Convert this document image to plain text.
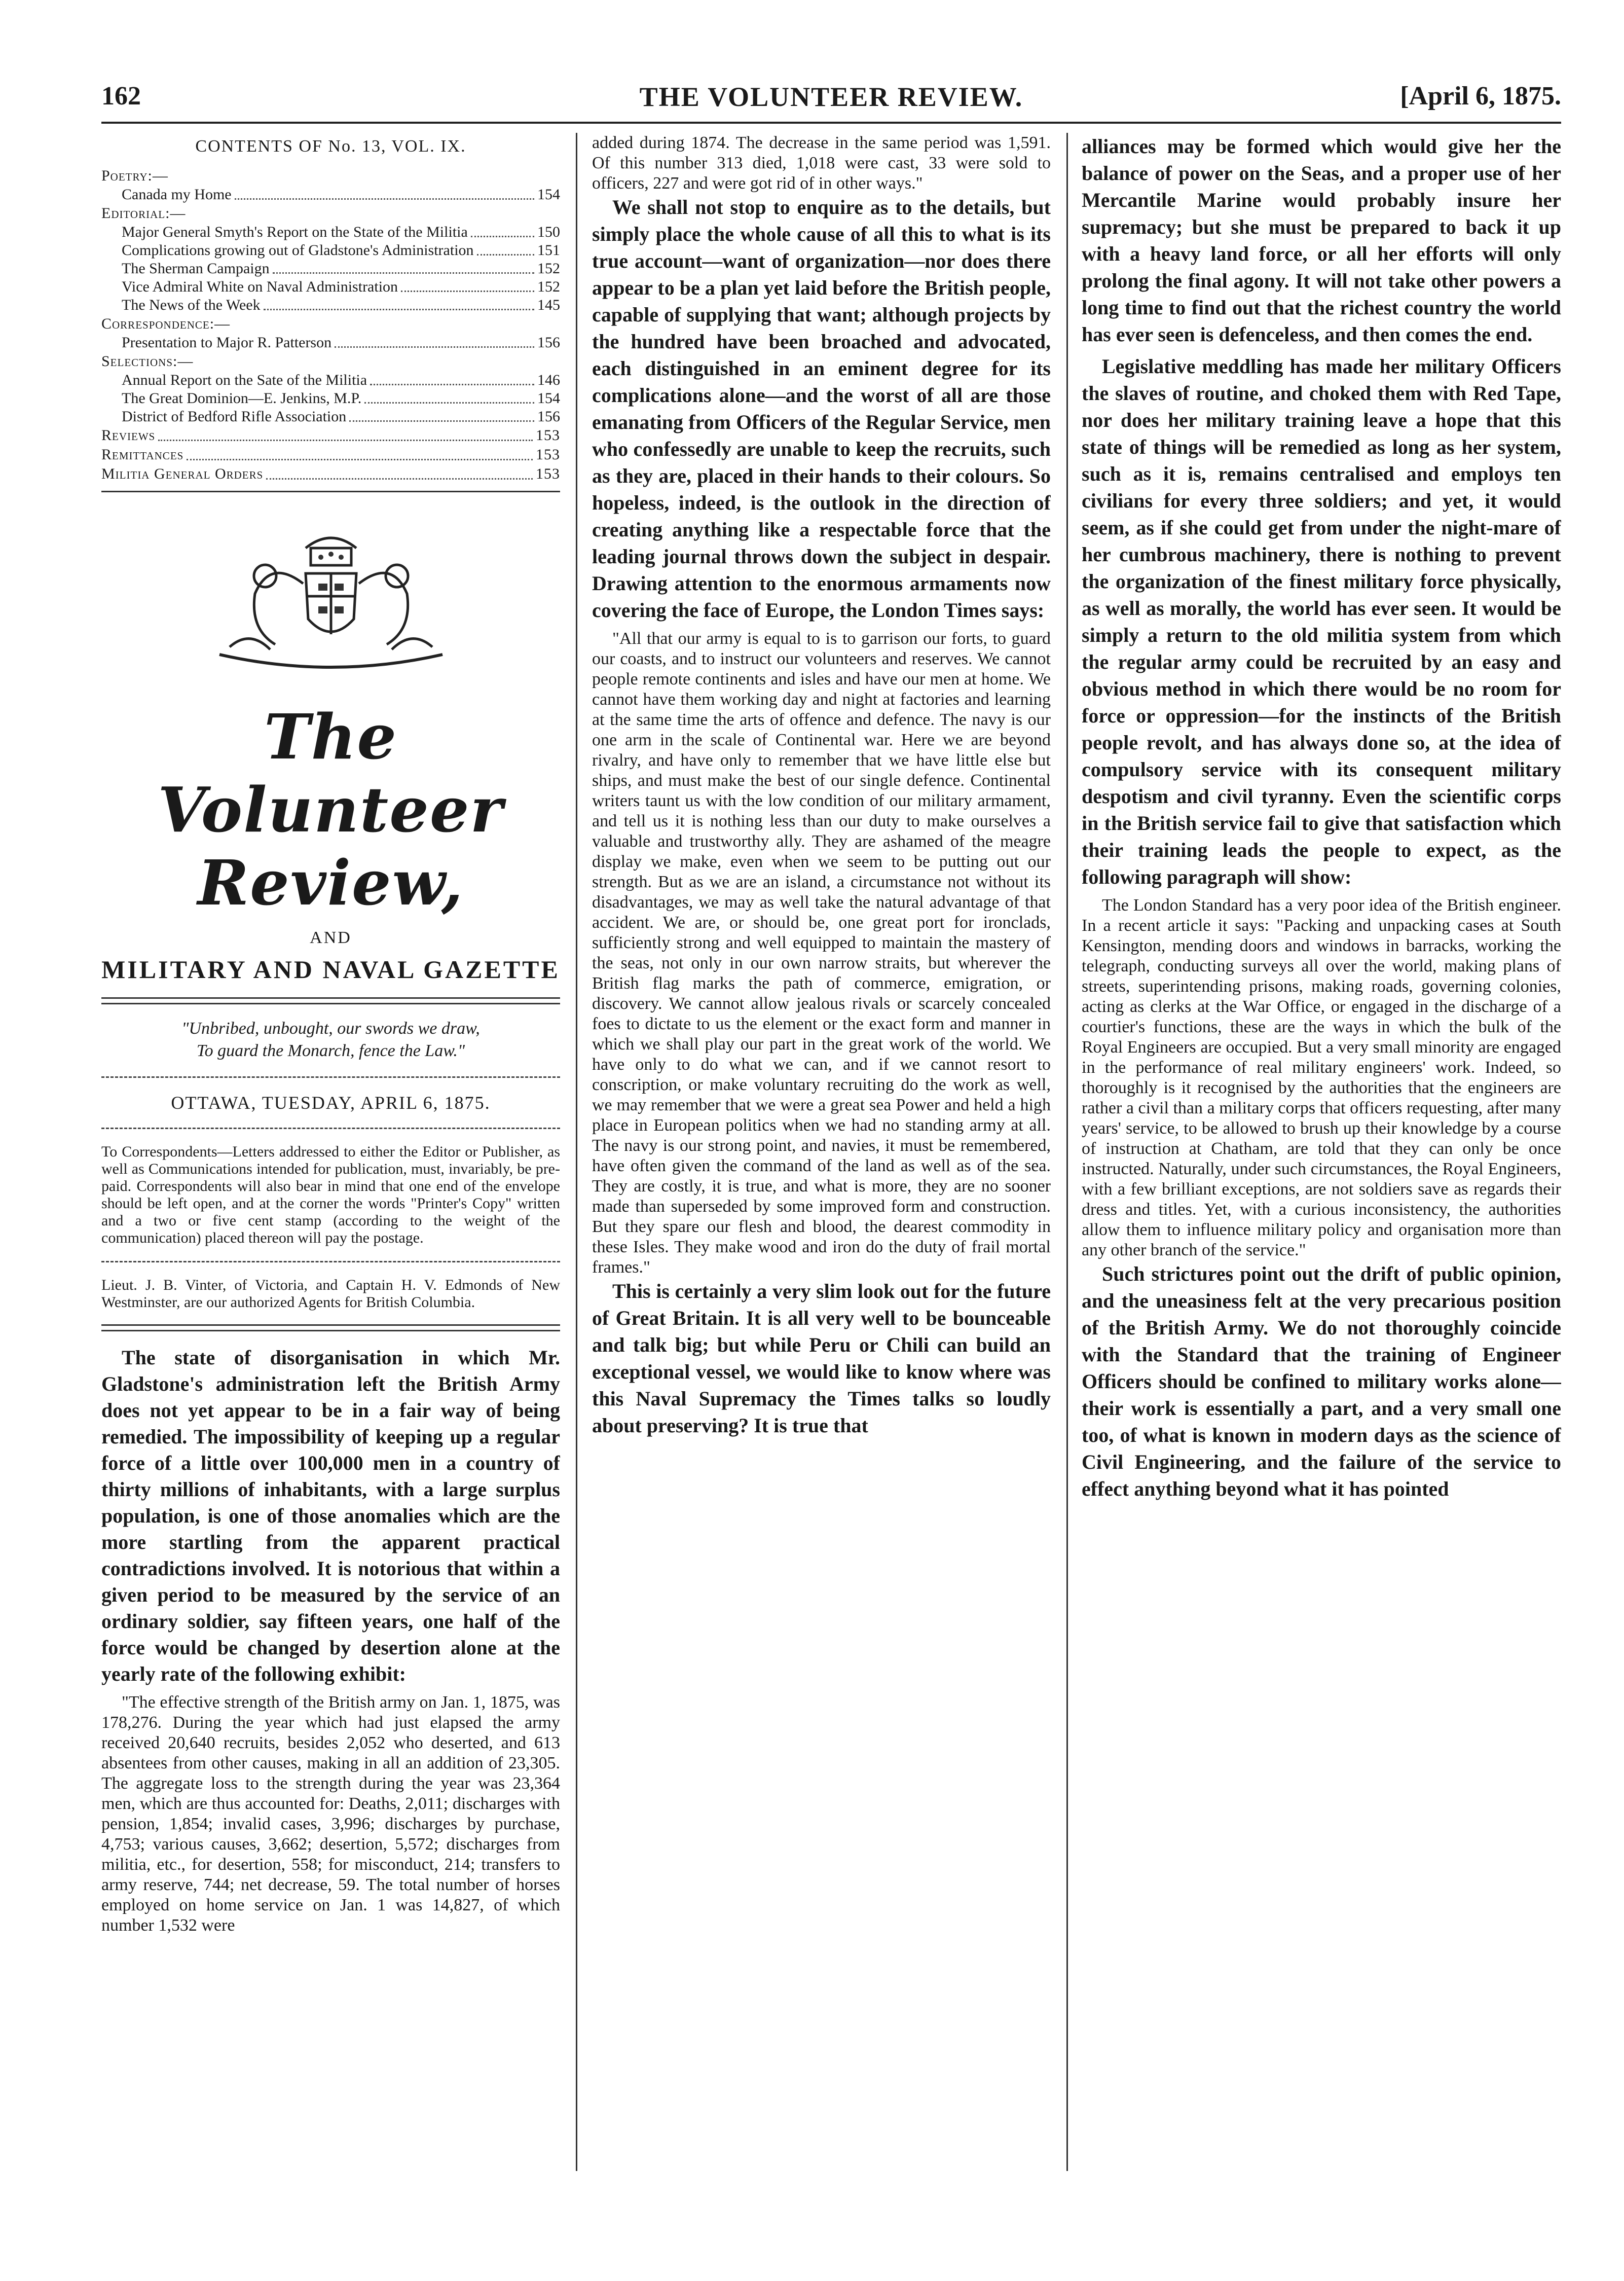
162	THE VOLUNTEER REVIEW.	[April 6, 1875.
CONTENTS OF No. 13, VOL. IX.
Poetry:—
Canada my Home	154
Editorial:—
Major General Smyth's Report on the State of the Militia	150
Complications growing out of Gladstone's Administration	151
The Sherman Campaign	152
Vice Admiral White on Naval Administration	152
The News of the Week	145
Correspondence:—
Presentation to Major R. Patterson	156
Selections:—
Annual Report on the Sate of the Militia	146
The Great Dominion—E. Jenkins, M.P.	154
District of Bedford Rifle Association	156
Reviews	153
Remittances	153
Militia General Orders	153
The Volunteer Review,
AND
MILITARY AND NAVAL GAZETTE
"Unbribed, unbought, our swords we draw,
To guard the Monarch, fence the Law."
OTTAWA, TUESDAY, APRIL 6, 1875.
To Correspondents—Letters addressed to either the Editor or Publisher, as well as Communications intended for publication, must, invariably, be pre-paid. Correspondents will also bear in mind that one end of the envelope should be left open, and at the corner the words "Printer's Copy" written and a two or five cent stamp (according to the weight of the communication) placed thereon will pay the postage.
Lieut. J. B. Vinter, of Victoria, and Captain H. V. Edmonds of New Westminster, are our authorized Agents for British Columbia.
The state of disorganisation in which Mr. Gladstone's administration left the British Army does not yet appear to be in a fair way of being remedied. The impossibility of keeping up a regular force of a little over 100,000 men in a country of thirty millions of inhabitants, with a large surplus population, is one of those anomalies which are the more startling from the apparent practical contradictions involved. It is notorious that within a given period to be measured by the service of an ordinary soldier, say fifteen years, one half of the force would be changed by desertion alone at the yearly rate of the following exhibit:
"The effective strength of the British army on Jan. 1, 1875, was 178,276. During the year which had just elapsed the army received 20,640 recruits, besides 2,052 who deserted, and 613 absentees from other causes, making in all an addition of 23,305. The aggregate loss to the strength during the year was 23,364 men, which are thus accounted for: Deaths, 2,011; discharges with pension, 1,854; invalid cases, 3,996; discharges by purchase, 4,753; various causes, 3,662; desertion, 5,572; discharges from militia, etc., for desertion, 558; for misconduct, 214; transfers to army reserve, 744; net decrease, 59. The total number of horses employed on home service on Jan. 1 was 14,827, of which number 1,532 were
added during 1874. The decrease in the same period was 1,591. Of this number 313 died, 1,018 were cast, 33 were sold to officers, 227 and were got rid of in other ways."
We shall not stop to enquire as to the details, but simply place the whole cause of all this to what is its true account—want of organization—nor does there appear to be a plan yet laid before the British people, capable of supplying that want; although projects by the hundred have been broached and advocated, each distinguished in an eminent degree for its complications alone—and the worst of all are those emanating from Officers of the Regular Service, men who confessedly are unable to keep the recruits, such as they are, placed in their hands to their colours. So hopeless, indeed, is the outlook in the direction of creating anything like a respectable force that the leading journal throws down the subject in despair. Drawing attention to the enormous armaments now covering the face of Europe, the London Times says:
"All that our army is equal to is to garrison our forts, to guard our coasts, and to instruct our volunteers and reserves. We cannot people remote continents and isles and have our men at home. We cannot have them working day and night at factories and learning at the same time the arts of offence and defence. The navy is our one arm in the scale of Continental war. Here we are beyond rivalry, and have only to remember that we have little else but ships, and must make the best of our single defence. Continental writers taunt us with the low condition of our military armament, and tell us it is nothing less than our duty to make ourselves a valuable and trustworthy ally. They are ashamed of the meagre display we make, even when we seem to be putting out our strength. But as we are an island, a circumstance not without its disadvantages, we may as well take the natural advantage of that accident. We are, or should be, one great port for ironclads, sufficiently strong and well equipped to maintain the mastery of the seas, not only in our own narrow straits, but wherever the British flag marks the path of commerce, emigration, or discovery. We cannot allow jealous rivals or scarcely concealed foes to dictate to us the element or the exact form and manner in which we shall play our part in the great work of the world. We have only to do what we can, and if we cannot resort to conscription, or make voluntary recruiting do the work as well, we may remember that we were a great sea Power and held a high place in European politics when we had no standing army at all. The navy is our strong point, and navies, it must be remembered, have often given the command of the land as well as of the sea. They are costly, it is true, and what is more, they are no sooner made than superseded by some improved form and construction. But they spare our flesh and blood, the dearest commodity in these Isles. They make wood and iron do the duty of frail mortal frames."
This is certainly a very slim look out for the future of Great Britain. It is all very well to be bounceable and talk big; but while Peru or Chili can build an exceptional vessel, we would like to know where was this Naval Supremacy the Times talks so loudly about preserving? It is true that
alliances may be formed which would give her the balance of power on the Seas, and a proper use of her Mercantile Marine would probably insure her supremacy; but she must be prepared to back it up with a heavy land force, or all her efforts will only prolong the final agony. It will not take other powers a long time to find out that the richest country the world has ever seen is defenceless, and then comes the end.
Legislative meddling has made her military Officers the slaves of routine, and choked them with Red Tape, nor does her military training leave a hope that this state of things will be remedied as long as her system, such as it is, remains centralised and employs ten civilians for every three soldiers; and yet, it would seem, as if she could get from under the night-mare of her cumbrous machinery, there is nothing to prevent the organization of the finest military force physically, as well as morally, the world has ever seen. It would be simply a return to the old militia system from which the regular army could be recruited by an easy and obvious method in which there would be no room for force or oppression—for the instincts of the British people revolt, and has always done so, at the idea of compulsory service with its consequent military despotism and civil tyranny. Even the scientific corps in the British service fail to give that satisfaction which their training leads the people to expect, as the following paragraph will show:
The London Standard has a very poor idea of the British engineer. In a recent article it says: "Packing and unpacking cases at South Kensington, mending doors and windows in barracks, working the telegraph, conducting surveys all over the world, making plans of streets, superintending prisons, making roads, governing colonies, acting as clerks at the War Office, or engaged in the discharge of a courtier's functions, these are the ways in which the bulk of the Royal Engineers are occupied. But a very small minority are engaged in the performance of real military engineers' work. Indeed, so thoroughly is it recognised by the authorities that the engineers are rather a civil than a military corps that officers requesting, after many years' service, to be allowed to brush up their knowledge by a course of instruction at Chatham, are told that they can only be once instructed. Naturally, under such circumstances, the Royal Engineers, with a few brilliant exceptions, are not soldiers save as regards their dress and titles. Yet, with a curious inconsistency, the authorities allow them to influence military policy and organisation more than any other branch of the service."
Such strictures point out the drift of public opinion, and the uneasiness felt at the very precarious position of the British Army. We do not thoroughly coincide with the Standard that the training of Engineer Officers should be confined to military works alone—their work is essentially a part, and a very small one too, of what is known in modern days as the science of Civil Engineering, and the failure of the service to effect anything beyond what it has pointed
